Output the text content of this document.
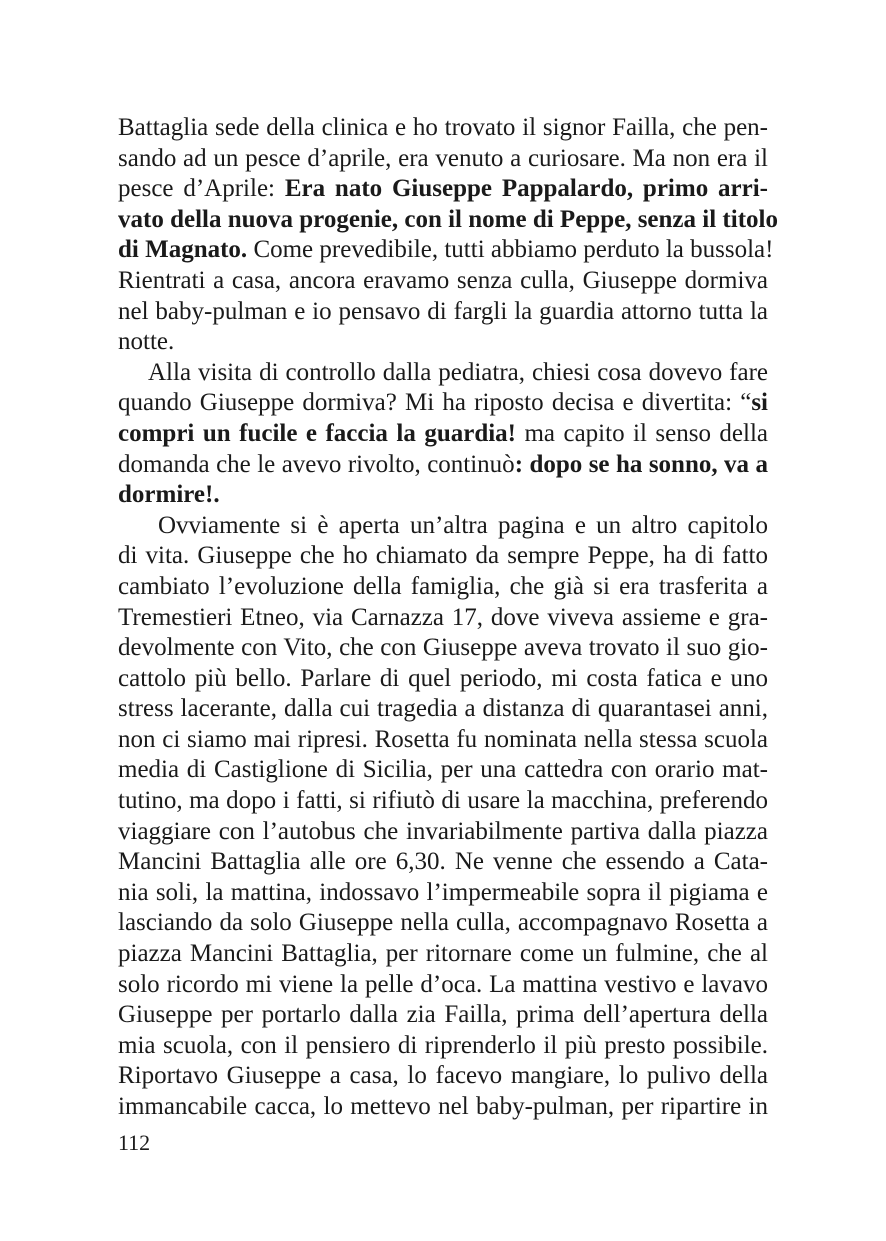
Battaglia sede della clinica e ho trovato il signor Failla, che pen-
sando ad un pesce d’aprile, era venuto a curiosare. Ma non era il
pesce d’Aprile: Era nato Giuseppe Pappalardo, primo arri-
vato della nuova progenie, con il nome di Peppe, senza il titolo
di Magnato. Come prevedibile, tutti abbiamo perduto la bussola!
Rientrati a casa, ancora eravamo senza culla, Giuseppe dormiva
nel baby-pulman e io pensavo di fargli la guardia attorno tutta la
notte.
Alla visita di controllo dalla pediatra, chiesi cosa dovevo fare
quando Giuseppe dormiva? Mi ha riposto decisa e divertita: “si
compri un fucile e faccia la guardia! ma capito il senso della
domanda che le avevo rivolto, continuò: dopo se ha sonno, va a
dormire!.
Ovviamente si è aperta un’altra pagina e un altro capitolo
di vita. Giuseppe che ho chiamato da sempre Peppe, ha di fatto
cambiato l’evoluzione della famiglia, che già si era trasferita a
Tremestieri Etneo, via Carnazza 17, dove viveva assieme e gra-
devolmente con Vito, che con Giuseppe aveva trovato il suo gio-
cattolo più bello. Parlare di quel periodo, mi costa fatica e uno
stress lacerante, dalla cui tragedia a distanza di quarantasei anni,
non ci siamo mai ripresi. Rosetta fu nominata nella stessa scuola
media di Castiglione di Sicilia, per una cattedra con orario mat-
tutino, ma dopo i fatti, si rifiutò di usare la macchina, preferendo
viaggiare con l’autobus che invariabilmente partiva dalla piazza
Mancini Battaglia alle ore 6,30. Ne venne che essendo a Cata-
nia soli, la mattina, indossavo l’impermeabile sopra il pigiama e
lasciando da solo Giuseppe nella culla, accompagnavo Rosetta a
piazza Mancini Battaglia, per ritornare come un fulmine, che al
solo ricordo mi viene la pelle d’oca. La mattina vestivo e lavavo
Giuseppe per portarlo dalla zia Failla, prima dell’apertura della
mia scuola, con il pensiero di riprenderlo il più presto possibile.
Riportavo Giuseppe a casa, lo facevo mangiare, lo pulivo della
immancabile cacca, lo mettevo nel baby-pulman, per ripartire in
112
